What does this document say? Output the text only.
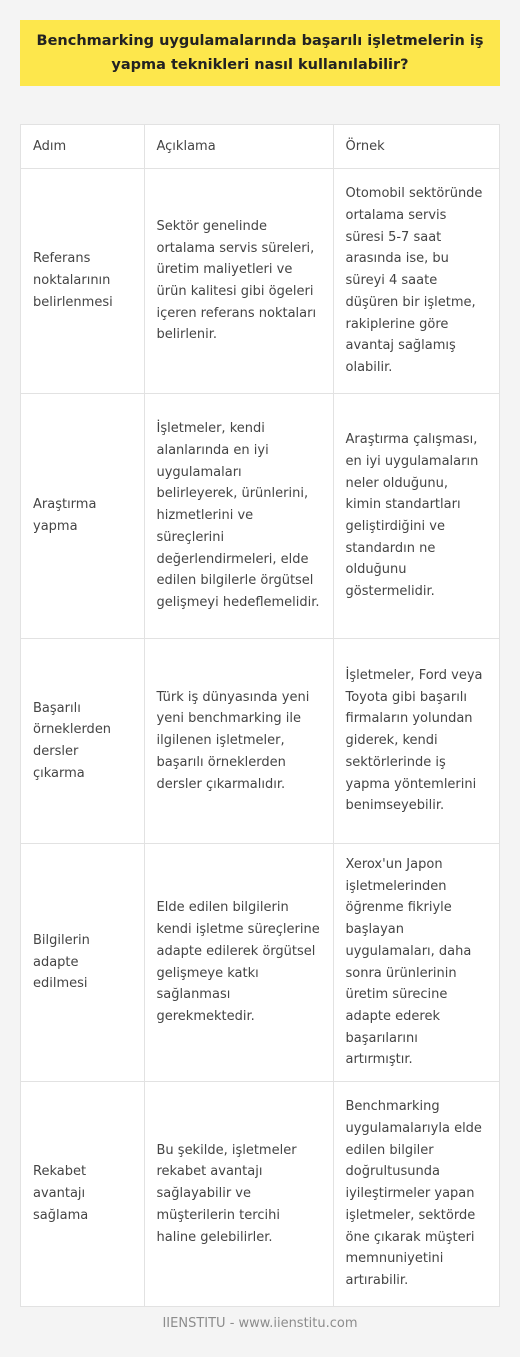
Benchmarking uygulamalarında başarılı işletmelerin iş yapma teknikleri nasıl kullanılabilir?
Adım	Açıklama	Örnek
Referans noktalarının belirlenmesi	Sektör genelinde ortalama servis süreleri, üretim maliyetleri ve ürün kalitesi gibi ögeleri içeren referans noktaları belirlenir.	Otomobil sektöründe ortalama servis süresi 5-7 saat arasında ise, bu süreyi 4 saate düşüren bir işletme, rakiplerine göre avantaj sağlamış olabilir.
Araştırma yapma	İşletmeler, kendi alanlarında en iyi uygulamaları belirleyerek, ürünlerini, hizmetlerini ve süreçlerini değerlendirmeleri, elde edilen bilgilerle örgütsel gelişmeyi hedeflemelidir.	Araştırma çalışması, en iyi uygulamaların neler olduğunu, kimin standartları geliştirdiğini ve standardın ne olduğunu göstermelidir.
Başarılı örneklerden dersler çıkarma	Türk iş dünyasında yeni yeni benchmarking ile ilgilenen işletmeler, başarılı örneklerden dersler çıkarmalıdır.	İşletmeler, Ford veya Toyota gibi başarılı firmaların yolundan giderek, kendi sektörlerinde iş yapma yöntemlerini benimseyebilir.
Bilgilerin adapte edilmesi	Elde edilen bilgilerin kendi işletme süreçlerine adapte edilerek örgütsel gelişmeye katkı sağlanması gerekmektedir.	Xerox'un Japon işletmelerinden öğrenme fikriyle başlayan uygulamaları, daha sonra ürünlerinin üretim sürecine adapte ederek başarılarını artırmıştır.
Rekabet avantajı sağlama	Bu şekilde, işletmeler rekabet avantajı sağlayabilir ve müşterilerin tercihi haline gelebilirler.	Benchmarking uygulamalarıyla elde edilen bilgiler doğrultusunda iyileştirmeler yapan işletmeler, sektörde öne çıkarak müşteri memnuniyetini artırabilir.
IIENSTITU - www.iienstitu.com
